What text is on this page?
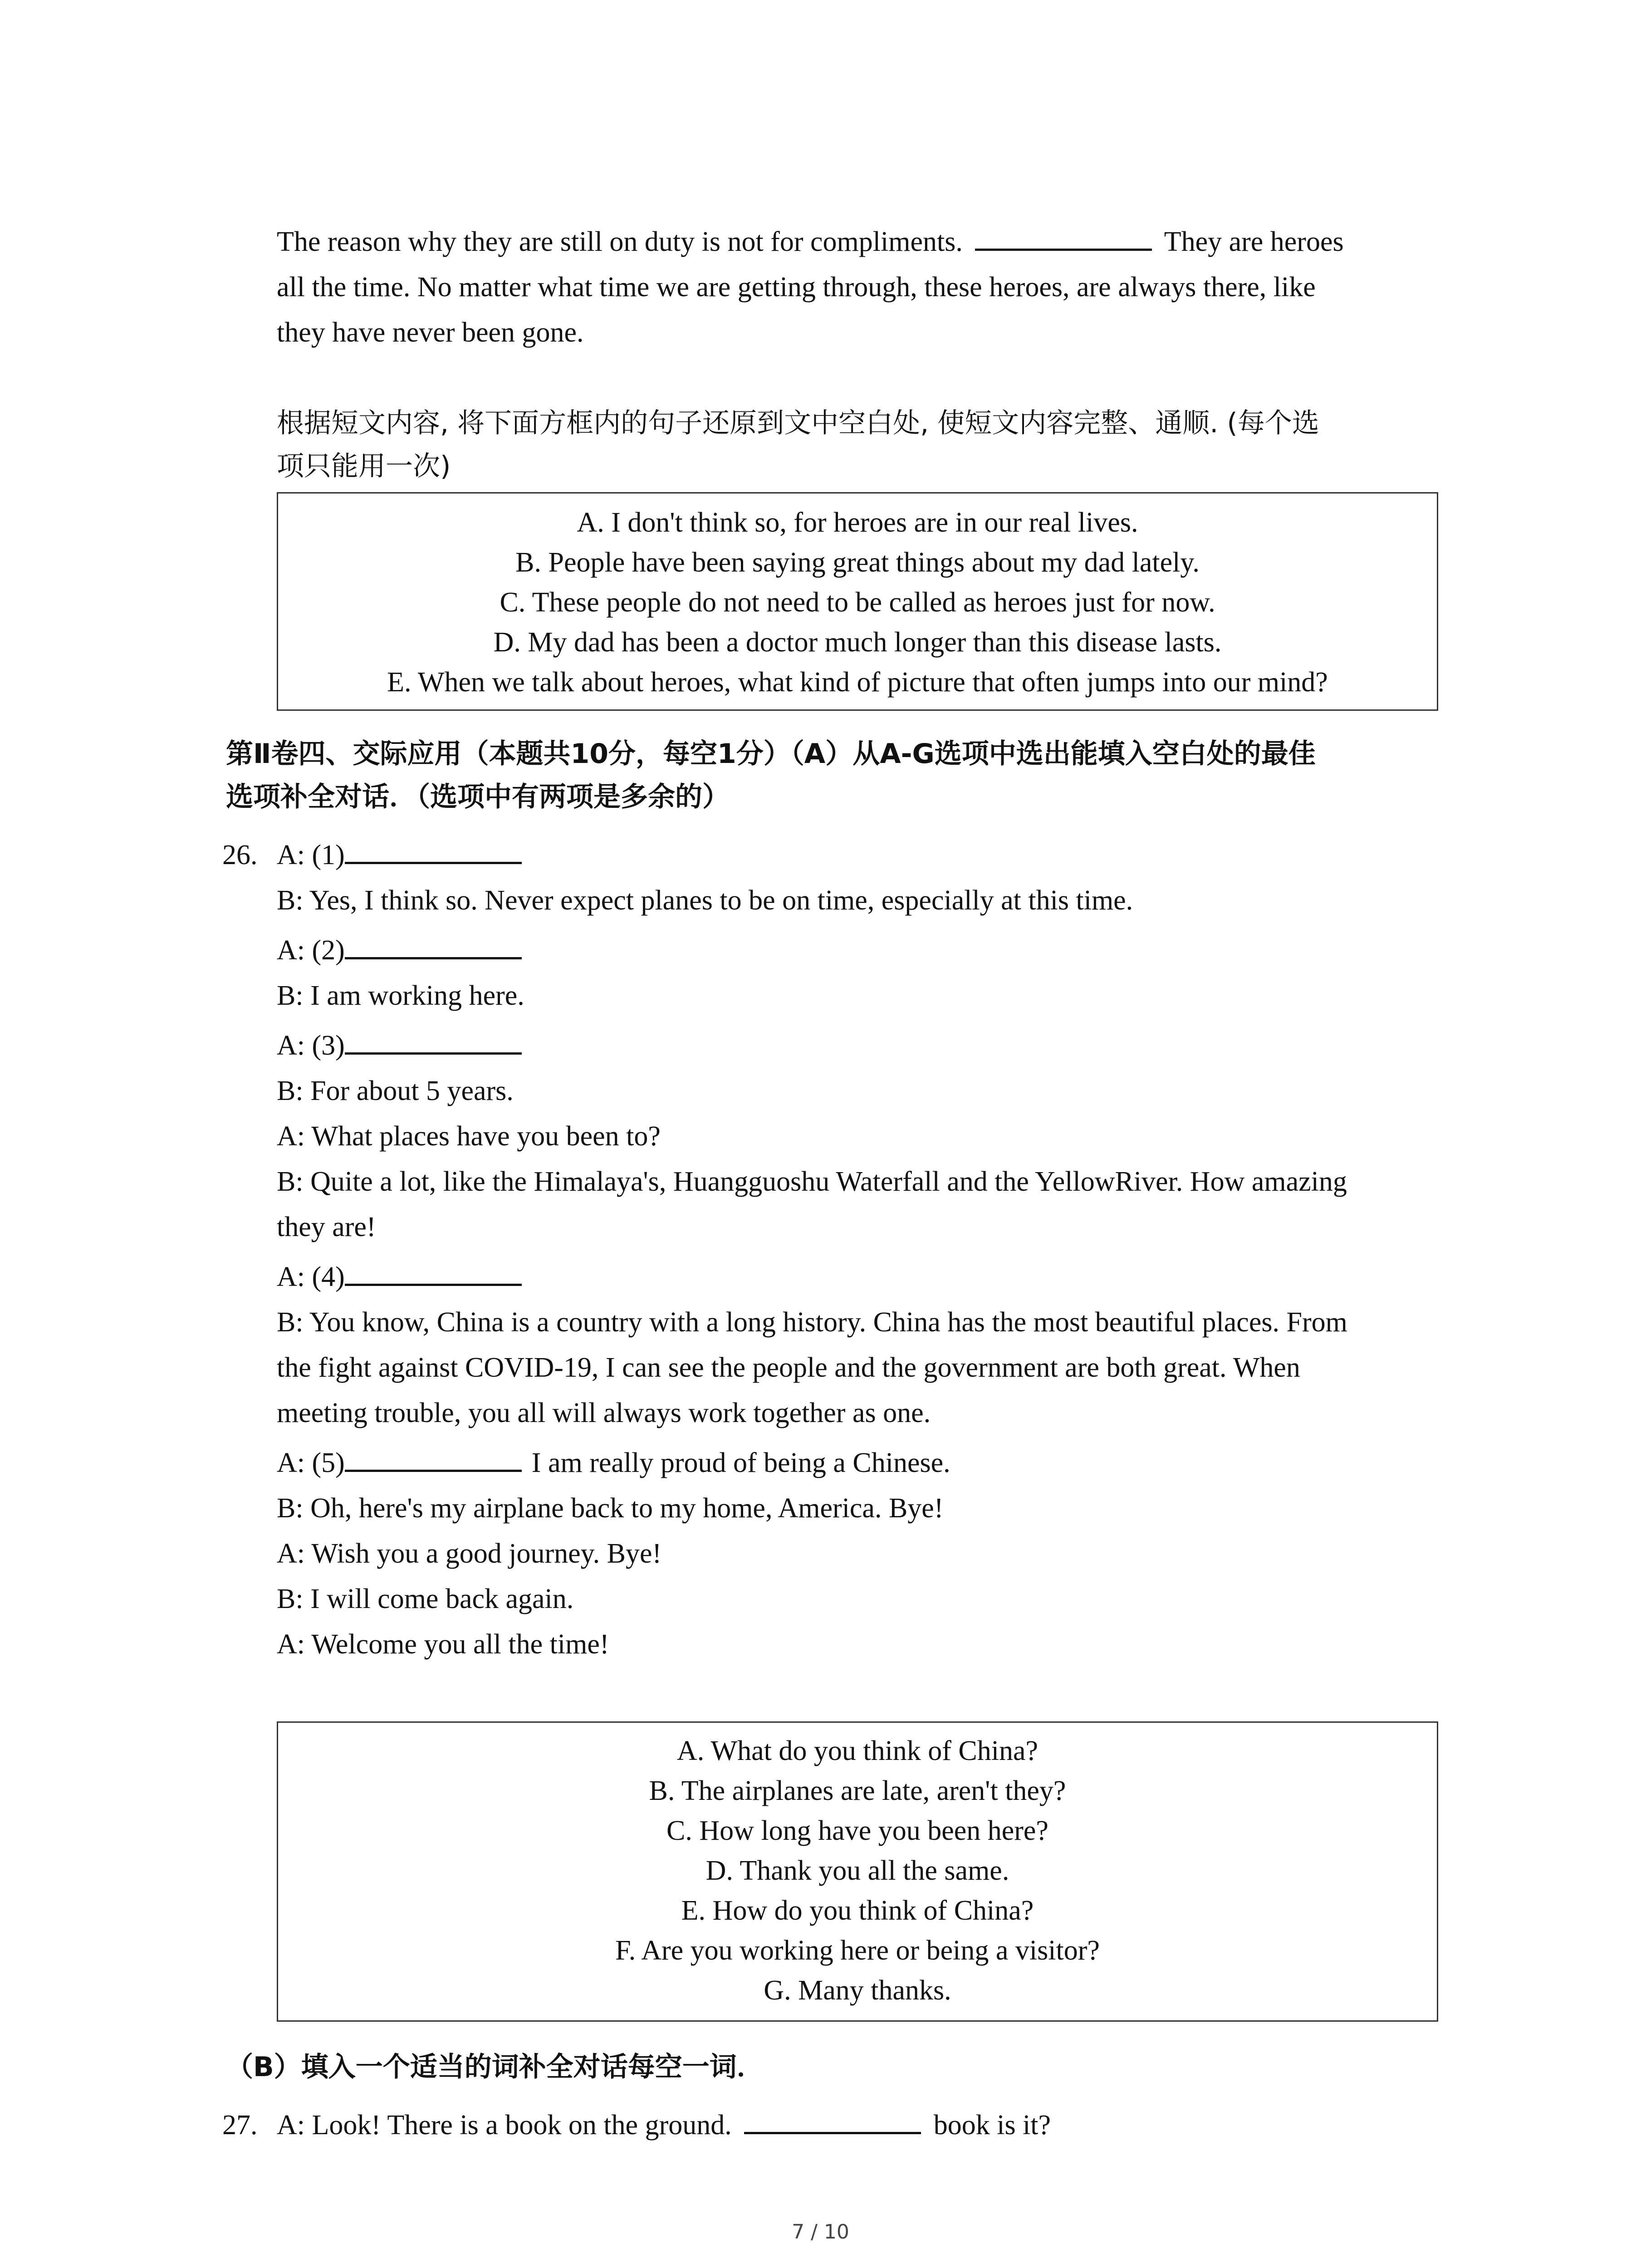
The reason why they are still on duty is not for compliments.	They are heroes
all the time. No matter what time we are getting through, these heroes, are always there, like
they have never been gone.
根据短文内容, 将下面方框内的句子还原到文中空白处, 使短文内容完整、通顺. (每个选
项只能用一次)
A. I don't think so, for heroes are in our real lives.
B. People have been saying great things about my dad lately.
C. These people do not need to be called as heroes just for now.
D. My dad has been a doctor much longer than this disease lasts.
E. When we talk about heroes, what kind of picture that often jumps into our mind?
第Ⅱ卷四、交际应用（本题共10分，每空1分）（A）从A-G选项中选出能填入空白处的最佳
选项补全对话．（选项中有两项是多余的）
26. A: (1)
B: Yes, I think so. Never expect planes to be on time, especially at this time.
A: (2)
B: I am working here.
A: (3)
B: For about 5 years.
A: What places have you been to?
B: Quite a lot, like the Himalaya's, Huangguoshu Waterfall and the YellowRiver. How amazing
they are!
A: (4)
B: You know, China is a country with a long history. China has the most beautiful places. From
the fight against COVID-19, I can see the people and the government are both great. When
meeting trouble, you all will always work together as one.
A: (5)	I am really proud of being a Chinese.
B: Oh, here's my airplane back to my home, America. Bye!
A: Wish you a good journey. Bye!
B: I will come back again.
A: Welcome you all the time!
A. What do you think of China?
B. The airplanes are late, aren't they?
C. How long have you been here?
D. Thank you all the same.
E. How do you think of China?
F. Are you working here or being a visitor?
G. Many thanks.
（B）填入一个适当的词补全对话每空一词．
27. A: Look! There is a book on the ground.	book is it?
7 / 10
